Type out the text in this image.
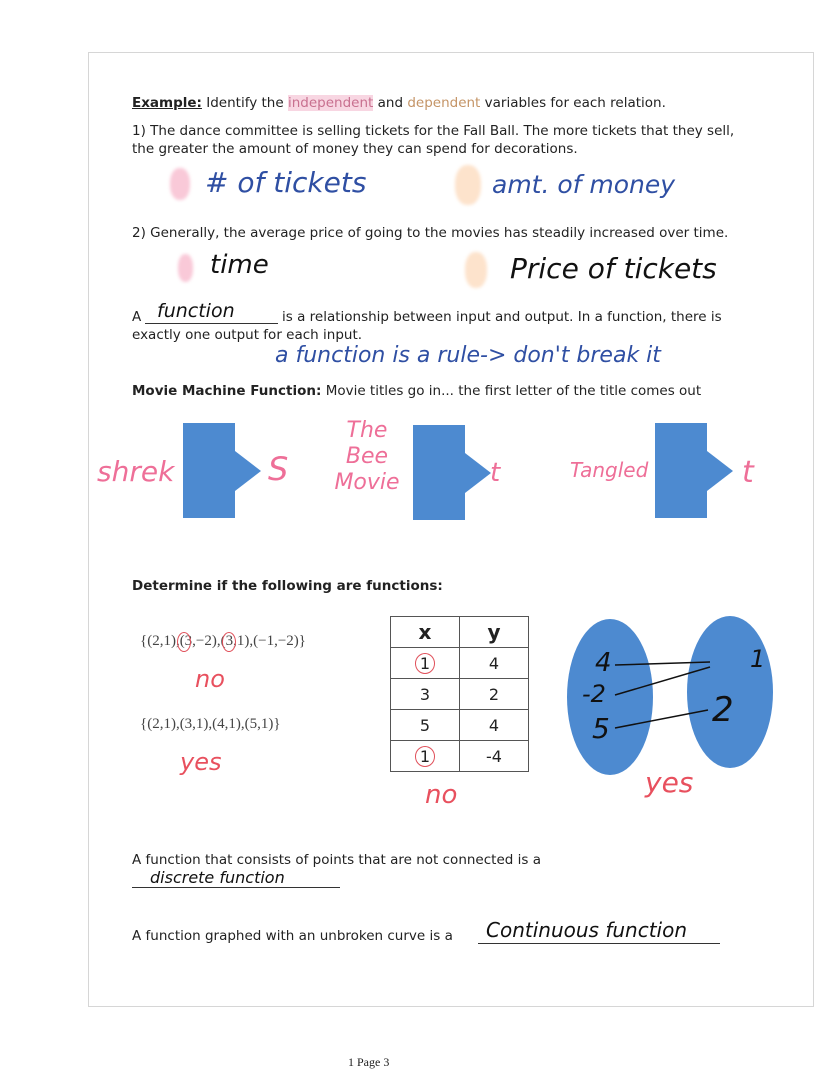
Example: Identify the independent and dependent variables for each relation.
1) The dance committee is selling tickets for the Fall Ball. The more tickets that they sell,
the greater the amount of money they can spend for decorations.
# of tickets	amt. of money
2) Generally, the average price of going to the movies has steadily increased over time.
time	Price of tickets
A function	is a relationship between input and output. In a function, there is
exactly one output for each input.
a function is a rule-> don't break it
Movie Machine Function: Movie titles go in... the first letter of the title comes out
shrek	S
The Bee Movie	t	Tangled	t
Determine if the following are functions:
{(2,1),(3,−2),(3,1),(−1,−2)}
no
{(2,1),(3,1),(4,1),(5,1)}
yes
x	y
1	4
3	2
5	4
1	-4
no
4
-2
5
1
2
yes
A function that consists of points that are not connected is a
discrete function
A function graphed with an unbroken curve is a Continuous function
1 Page 3
